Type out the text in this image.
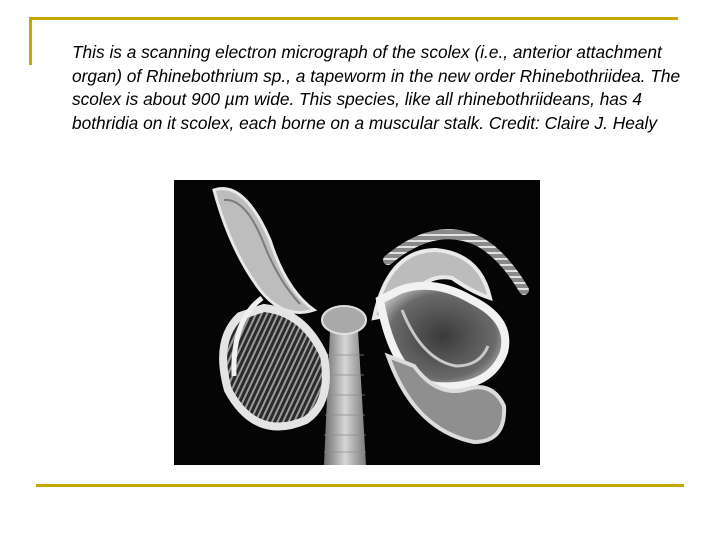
This is a scanning electron micrograph of the scolex (i.e., anterior attachment organ) of Rhinebothrium sp., a tapeworm in the new order Rhinebothriidea. The scolex is about 900 µm wide. This species, like all rhinebothriideans, has 4 bothridia on it scolex, each borne on a muscular stalk. Credit: Claire J. Healy
